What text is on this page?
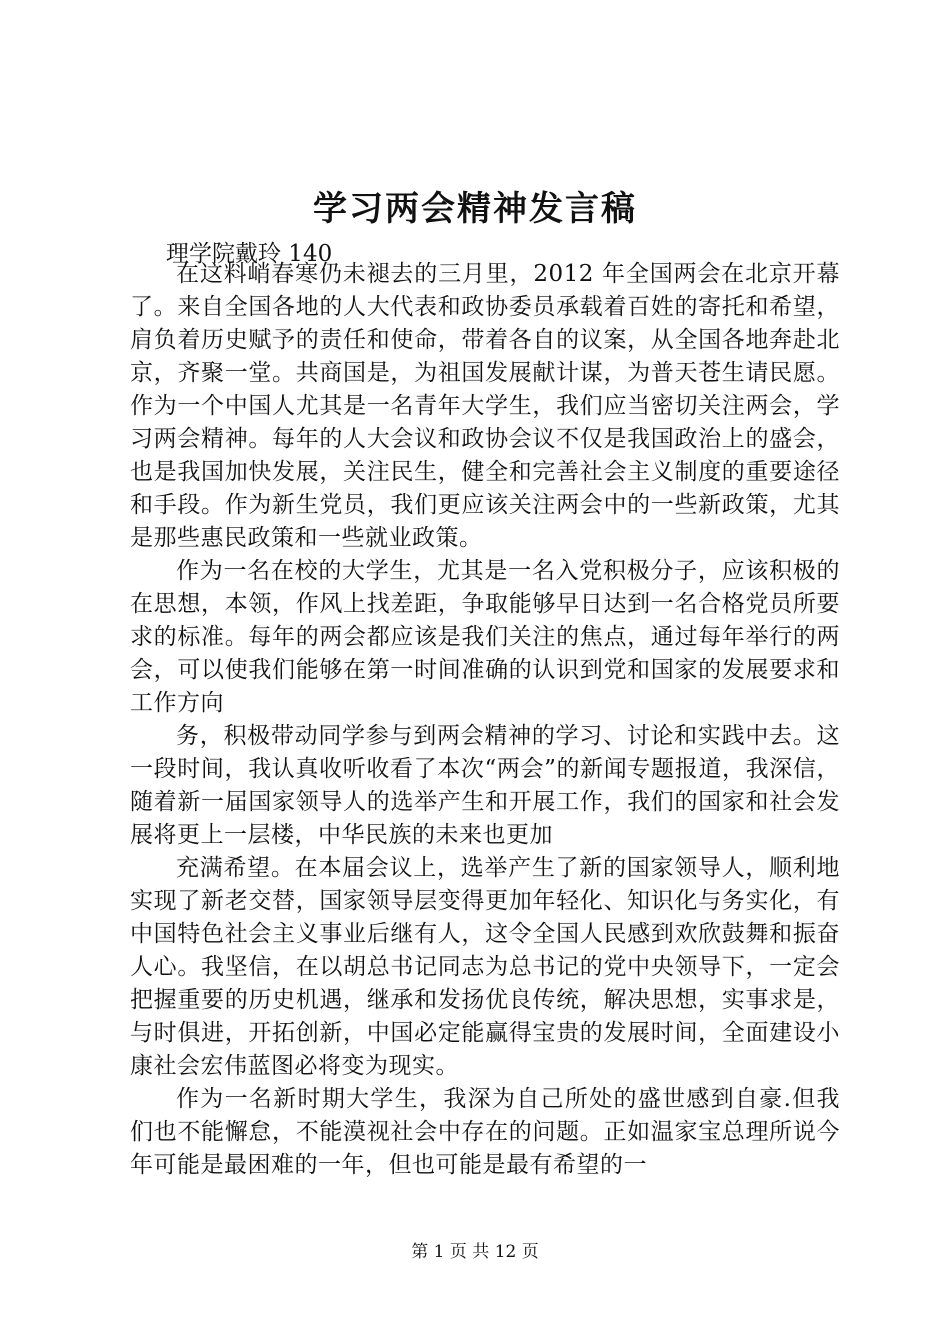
学习两会精神发言稿

理学院戴玲 140

在这料峭春寒仍未褪去的三月里，2012 年全国两会在北京开幕了。来自全国各地的人大代表和政协委员承载着百姓的寄托和希望，肩负着历史赋予的责任和使命，带着各自的议案，从全国各地奔赴北京，齐聚一堂。共商国是，为祖国发展献计谋，为普天苍生请民愿。作为一个中国人尤其是一名青年大学生，我们应当密切关注两会，学习两会精神。每年的人大会议和政协会议不仅是我国政治上的盛会，也是我国加快发展，关注民生，健全和完善社会主义制度的重要途径和手段。作为新生党员，我们更应该关注两会中的一些新政策，尤其是那些惠民政策和一些就业政策。

作为一名在校的大学生，尤其是一名入党积极分子，应该积极的在思想，本领，作风上找差距，争取能够早日达到一名合格党员所要求的标准。每年的两会都应该是我们关注的焦点，通过每年举行的两会，可以使我们能够在第一时间准确的认识到党和国家的发展要求和工作方向

务，积极带动同学参与到两会精神的学习、讨论和实践中去。这一段时间，我认真收听收看了本次“两会”的新闻专题报道，我深信，随着新一届国家领导人的选举产生和开展工作，我们的国家和社会发展将更上一层楼，中华民族的未来也更加

充满希望。在本届会议上，选举产生了新的国家领导人，顺利地实现了新老交替，国家领导层变得更加年轻化、知识化与务实化，有中国特色社会主义事业后继有人，这令全国人民感到欢欣鼓舞和振奋人心。我坚信，在以胡总书记同志为总书记的党中央领导下，一定会把握重要的历史机遇，继承和发扬优良传统，解决思想，实事求是，与时俱进，开拓创新，中国必定能赢得宝贵的发展时间，全面建设小康社会宏伟蓝图必将变为现实。

作为一名新时期大学生，我深为自己所处的盛世感到自豪.但我们也不能懈怠，不能漠视社会中存在的问题。正如温家宝总理所说今年可能是最困难的一年，但也可能是最有希望的一

第 1 页 共 12 页
